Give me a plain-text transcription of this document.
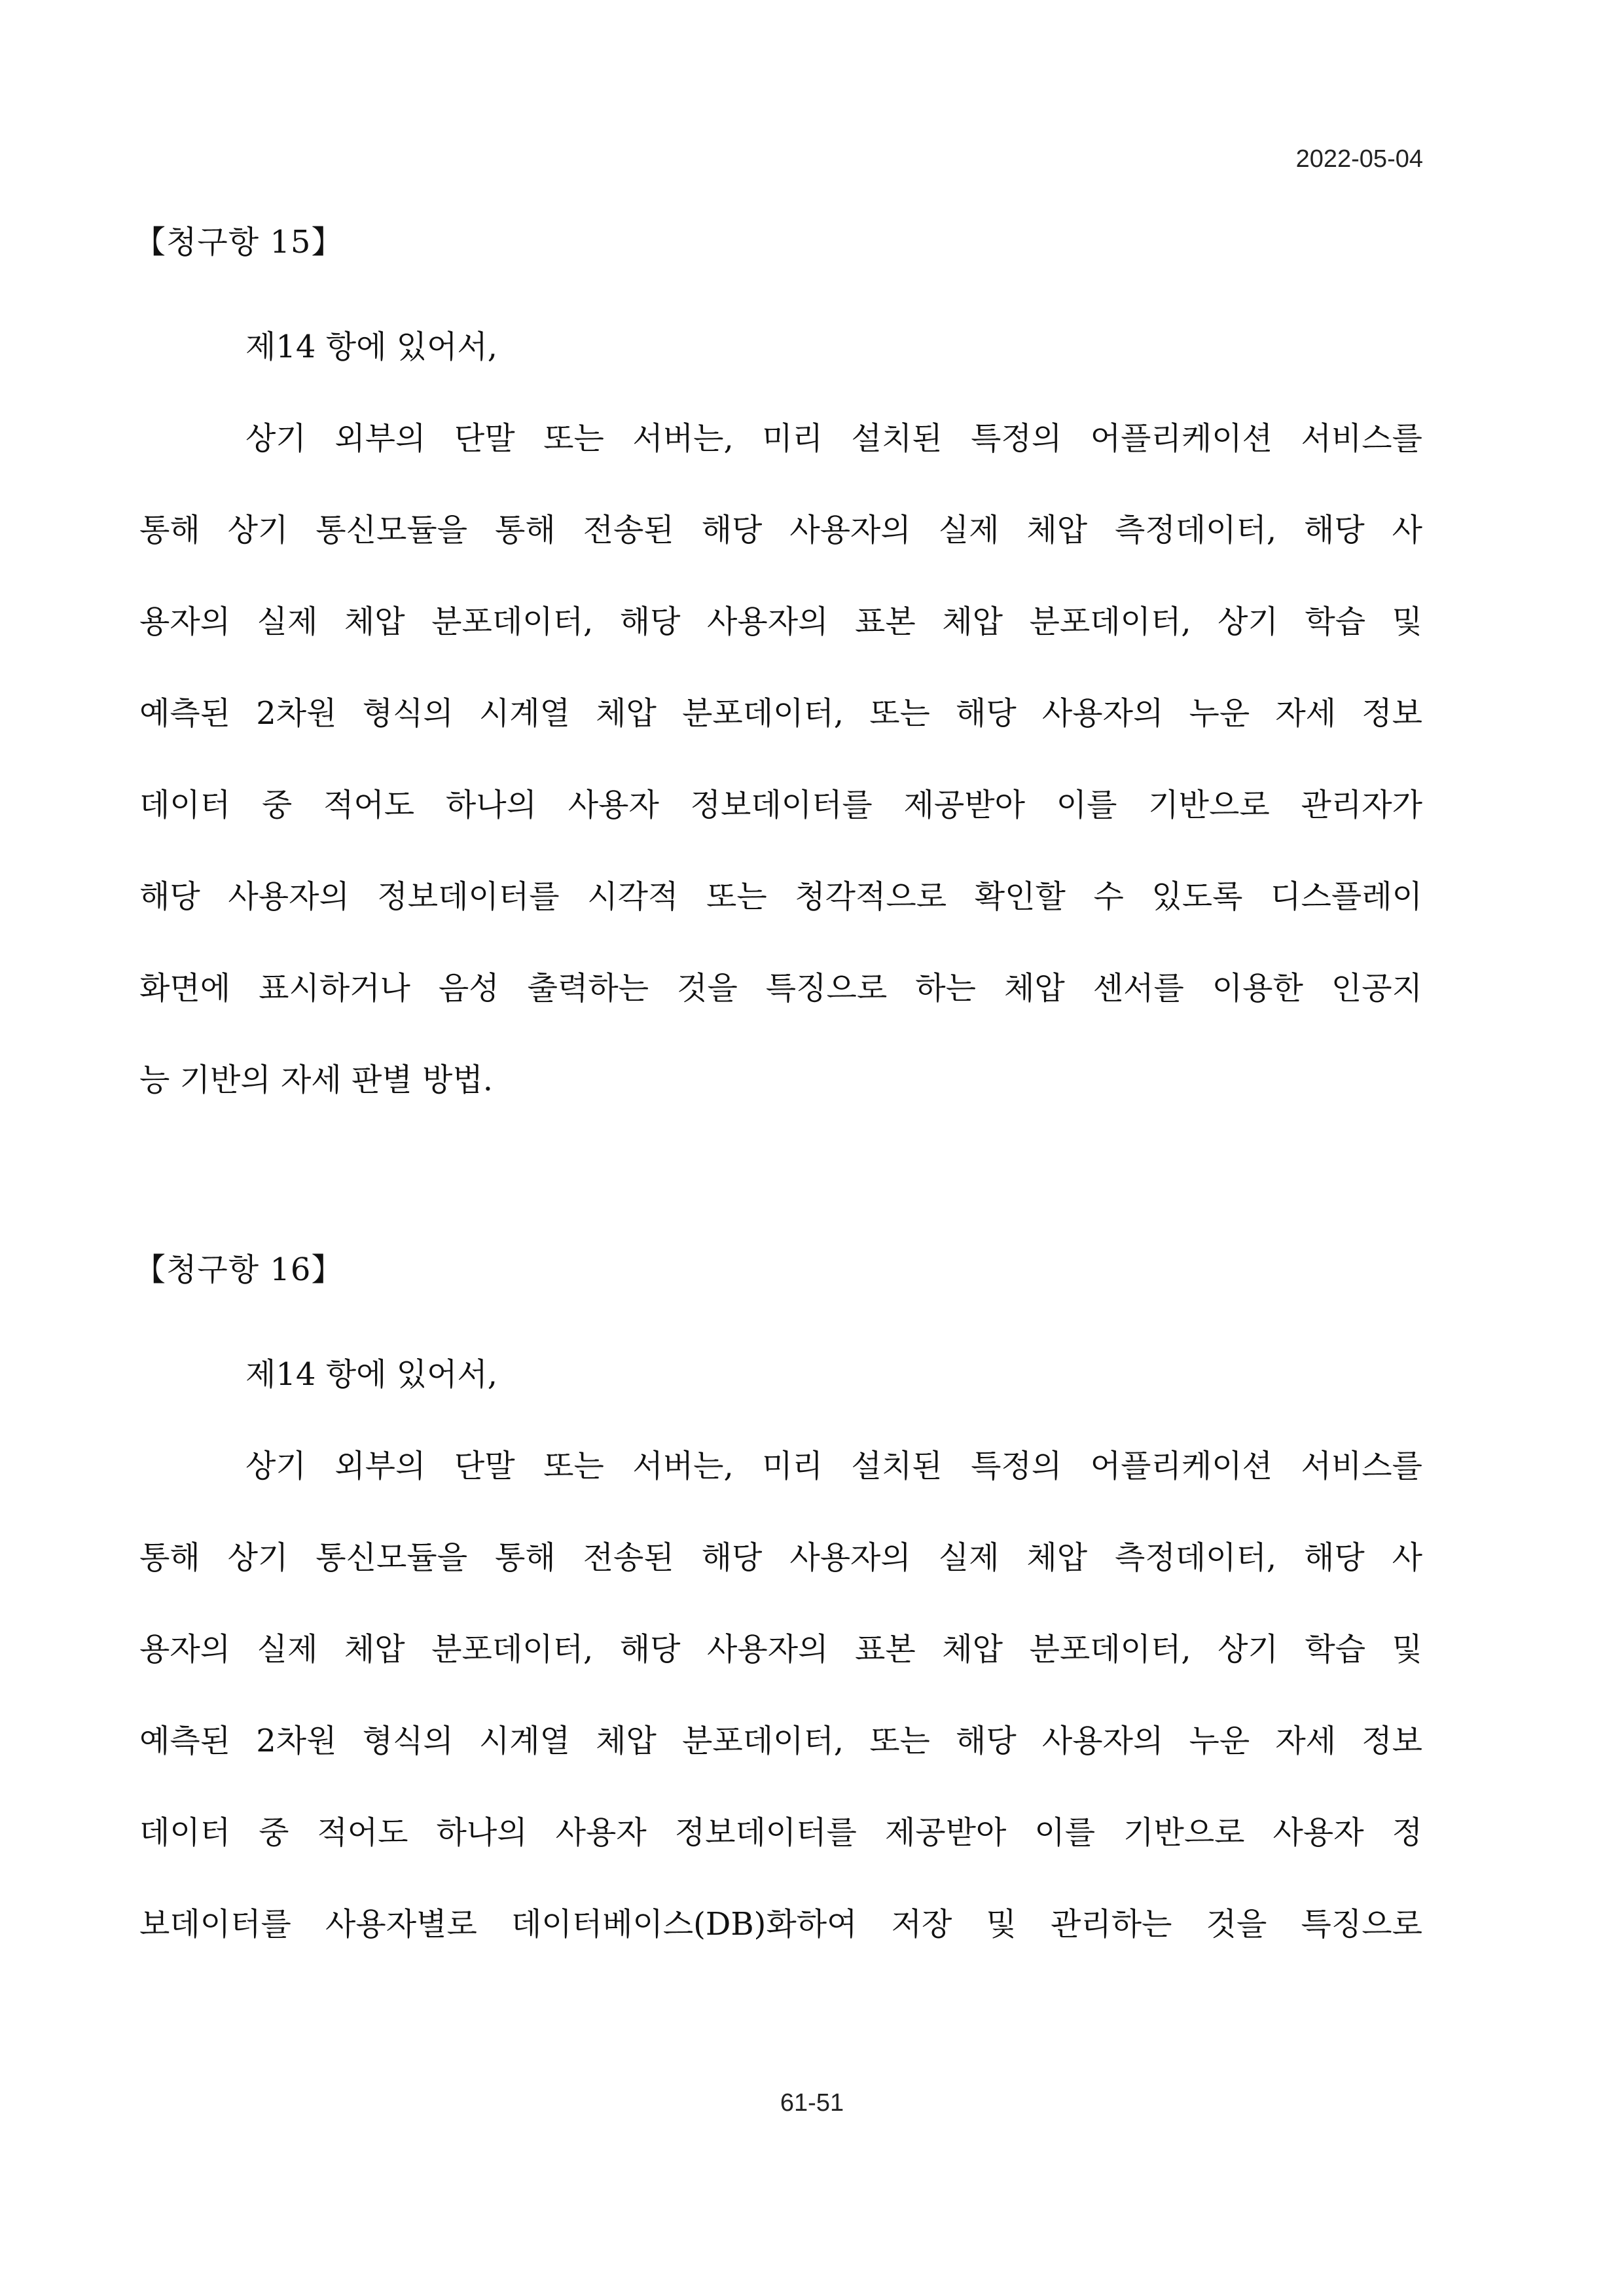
2022-05-04
【청구항 15】
제14 항에 있어서,
상기 외부의 단말 또는 서버는, 미리 설치된 특정의 어플리케이션 서비스를
통해 상기 통신모듈을 통해 전송된 해당 사용자의 실제 체압 측정데이터, 해당 사
용자의 실제 체압 분포데이터, 해당 사용자의 표본 체압 분포데이터, 상기 학습 및
예측된 2차원 형식의 시계열 체압 분포데이터, 또는 해당 사용자의 누운 자세 정보
데이터 중 적어도 하나의 사용자 정보데이터를 제공받아 이를 기반으로 관리자가
해당 사용자의 정보데이터를 시각적 또는 청각적으로 확인할 수 있도록 디스플레이
화면에 표시하거나 음성 출력하는 것을 특징으로 하는 체압 센서를 이용한 인공지
능 기반의 자세 판별 방법.
【청구항 16】
제14 항에 있어서,
상기 외부의 단말 또는 서버는, 미리 설치된 특정의 어플리케이션 서비스를
통해 상기 통신모듈을 통해 전송된 해당 사용자의 실제 체압 측정데이터, 해당 사
용자의 실제 체압 분포데이터, 해당 사용자의 표본 체압 분포데이터, 상기 학습 및
예측된 2차원 형식의 시계열 체압 분포데이터, 또는 해당 사용자의 누운 자세 정보
데이터 중 적어도 하나의 사용자 정보데이터를 제공받아 이를 기반으로 사용자 정
보데이터를 사용자별로 데이터베이스(DB)화하여 저장 및 관리하는 것을 특징으로
61-51
